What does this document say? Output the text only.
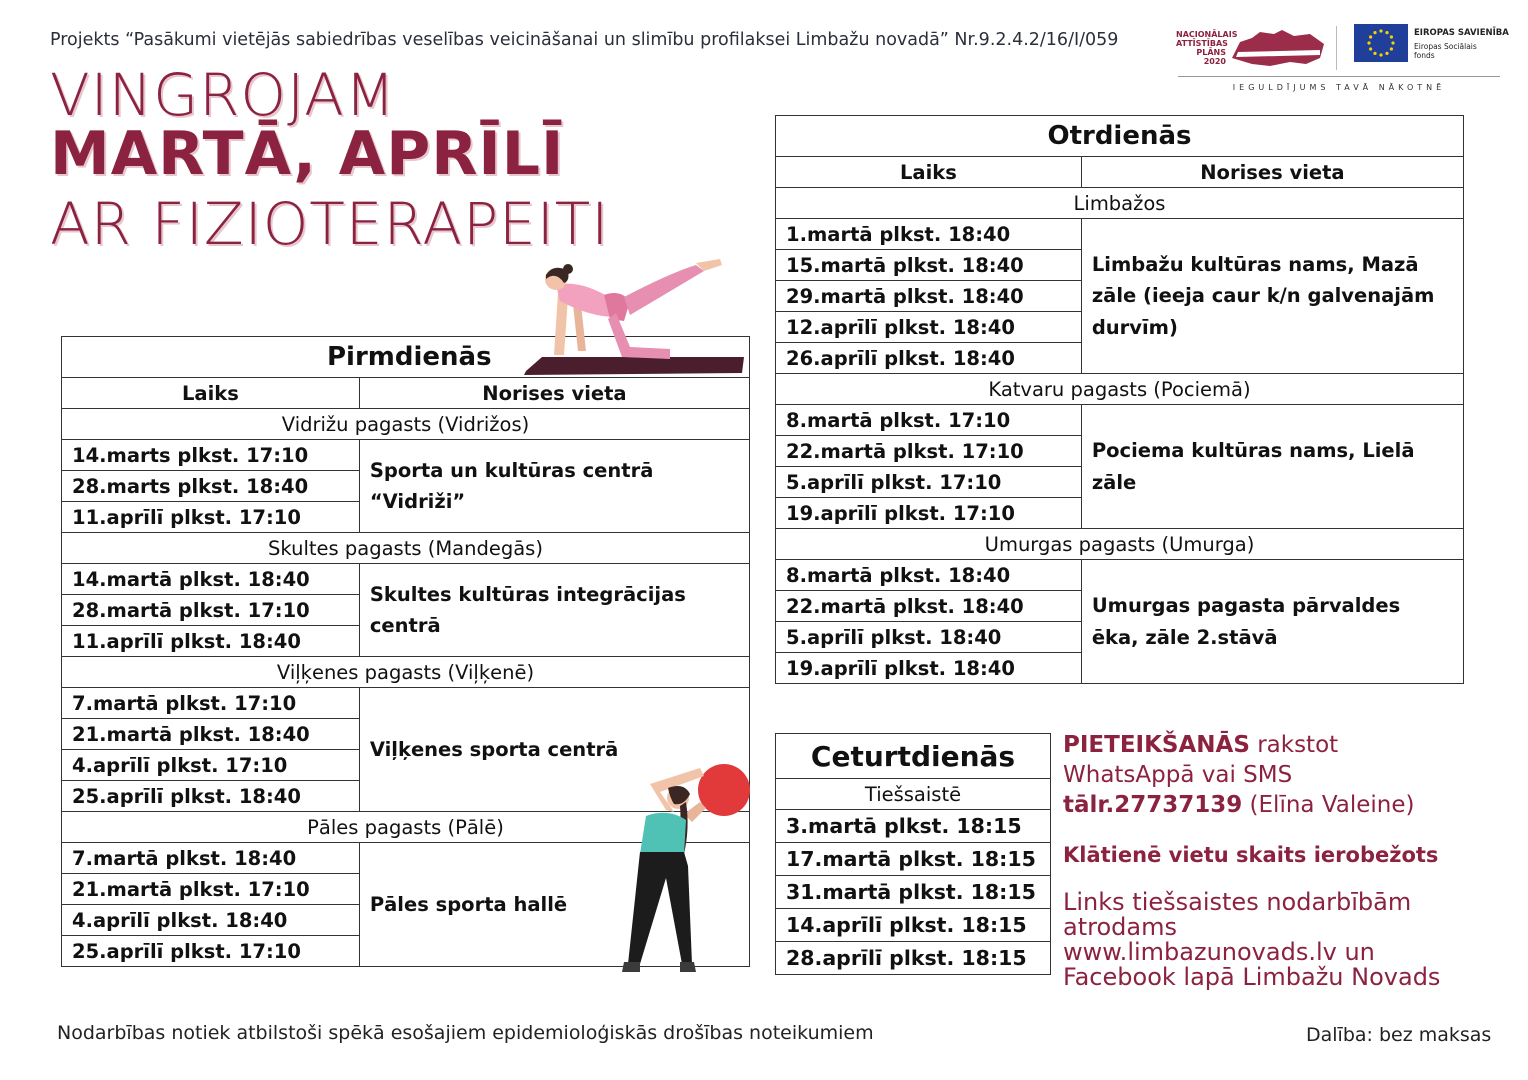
Projekts “Pasākumi vietējās sabiedrības veselības veicināšanai un slimību profilaksei Limbažu novadā” Nr.9.2.4.2/16/I/059	NACIONĀLAIS
ATTĪSTĪBAS
PLĀNS 2020
EIROPAS SAVIENĪBA
Eiropas Sociālais
fonds
IEGULDĪJUMS TAVĀ NĀKOTNĒ
VINGROJAM
MARTĀ, APRĪLĪ
AR FIZIOTERAPEITI
Pirmdienās	
Laiks	Norises vieta
Vidrižu pagasts (Vidrižos)	
14.marts plkst. 17:10	Sporta un kultūras centrā “Vidriži”
28.marts plkst. 18:40	
11.aprīlī plkst. 17:10	
Skultes pagasts (Mandegās)	
14.martā plkst. 18:40	Skultes kultūras integrācijas centrā
28.martā plkst. 17:10	
11.aprīlī plkst. 18:40	
Viļķenes pagasts (Viļķenē)	
7.martā plkst. 17:10	Viļķenes sporta centrā
21.martā plkst. 18:40	
4.aprīlī plkst. 17:10	
25.aprīlī plkst. 18:40	
Pāles pagasts (Pālē)	
7.martā plkst. 18:40	Pāles sporta hallē
21.martā plkst. 17:10	
4.aprīlī plkst. 18:40	
25.aprīlī plkst. 17:10	
Otrdienās	
Laiks	Norises vieta
Limbažos	
1.martā plkst. 18:40	Limbažu kultūras nams, Mazā zāle (ieeja caur k/n galvenajām durvīm)
15.martā plkst. 18:40	
29.martā plkst. 18:40	
12.aprīlī plkst. 18:40	
26.aprīlī plkst. 18:40	
Katvaru pagasts (Pociemā)	
8.martā plkst. 17:10	Pociema kultūras nams, Lielā zāle
22.martā plkst. 17:10	
5.aprīlī plkst. 17:10	
19.aprīlī plkst. 17:10	
Umurgas pagasts (Umurga)	
8.martā plkst. 18:40	Umurgas pagasta pārvaldes ēka, zāle 2.stāvā
22.martā plkst. 18:40	
5.aprīlī plkst. 18:40	
19.aprīlī plkst. 18:40	
Ceturtdienās
Tiešsaistē
3.martā plkst. 18:15
17.martā plkst. 18:15
31.martā plkst. 18:15
14.aprīlī plkst. 18:15
28.aprīlī plkst. 18:15
PIETEIKŠANĀS rakstot
WhatsAppā vai SMS
tālr.27737139 (Elīna Valeine)
Klātienē vietu skaits ierobežots
Links tiešsaistes nodarbībām
atrodams
www.limbazunovads.lv un
Facebook lapā Limbažu Novads
Nodarbības notiek atbilstoši spēkā esošajiem epidemioloģiskās drošības noteikumiem	Dalība: bez maksas
